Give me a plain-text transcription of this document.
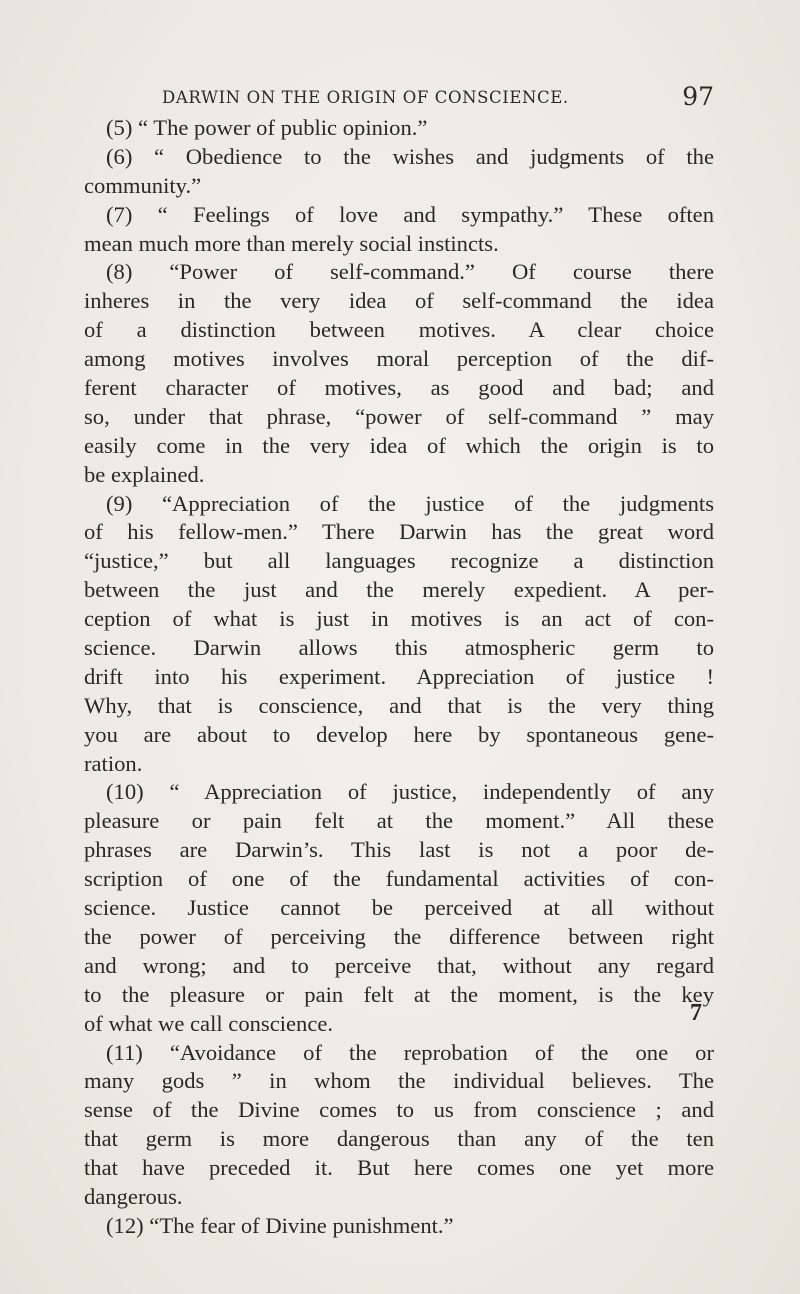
DARWIN ON THE ORIGIN OF CONSCIENCE.	97
(5) “ The power of public opinion.”
(6) “ Obedience to the wishes and judgments of the
community.”
(7) “ Feelings of love and sympathy.” These often
mean much more than merely social instincts.
(8) “Power of self-command.” Of course there
inheres in the very idea of self-command the idea
of a distinction between motives. A clear choice
among motives involves moral perception of the dif-
ferent character of motives, as good and bad; and
so, under that phrase, “power of self-command ” may
easily come in the very idea of which the origin is to
be explained.
(9) “Appreciation of the justice of the judgments
of his fellow-men.” There Darwin has the great word
“justice,” but all languages recognize a distinction
between the just and the merely expedient. A per-
ception of what is just in motives is an act of con-
science. Darwin allows this atmospheric germ to
drift into his experiment. Appreciation of justice !
Why, that is conscience, and that is the very thing
you are about to develop here by spontaneous gene-
ration.
(10) “ Appreciation of justice, independently of any
pleasure or pain felt at the moment.” All these
phrases are Darwin’s. This last is not a poor de-
scription of one of the fundamental activities of con-
science. Justice cannot be perceived at all without
the power of perceiving the difference between right
and wrong; and to perceive that, without any regard
to the pleasure or pain felt at the moment, is the key
of what we call conscience.
(11) “Avoidance of the reprobation of the one or
many gods ” in whom the individual believes. The
sense of the Divine comes to us from conscience ; and
that germ is more dangerous than any of the ten
that have preceded it. But here comes one yet more
dangerous.
(12) “The fear of Divine punishment.”
7
